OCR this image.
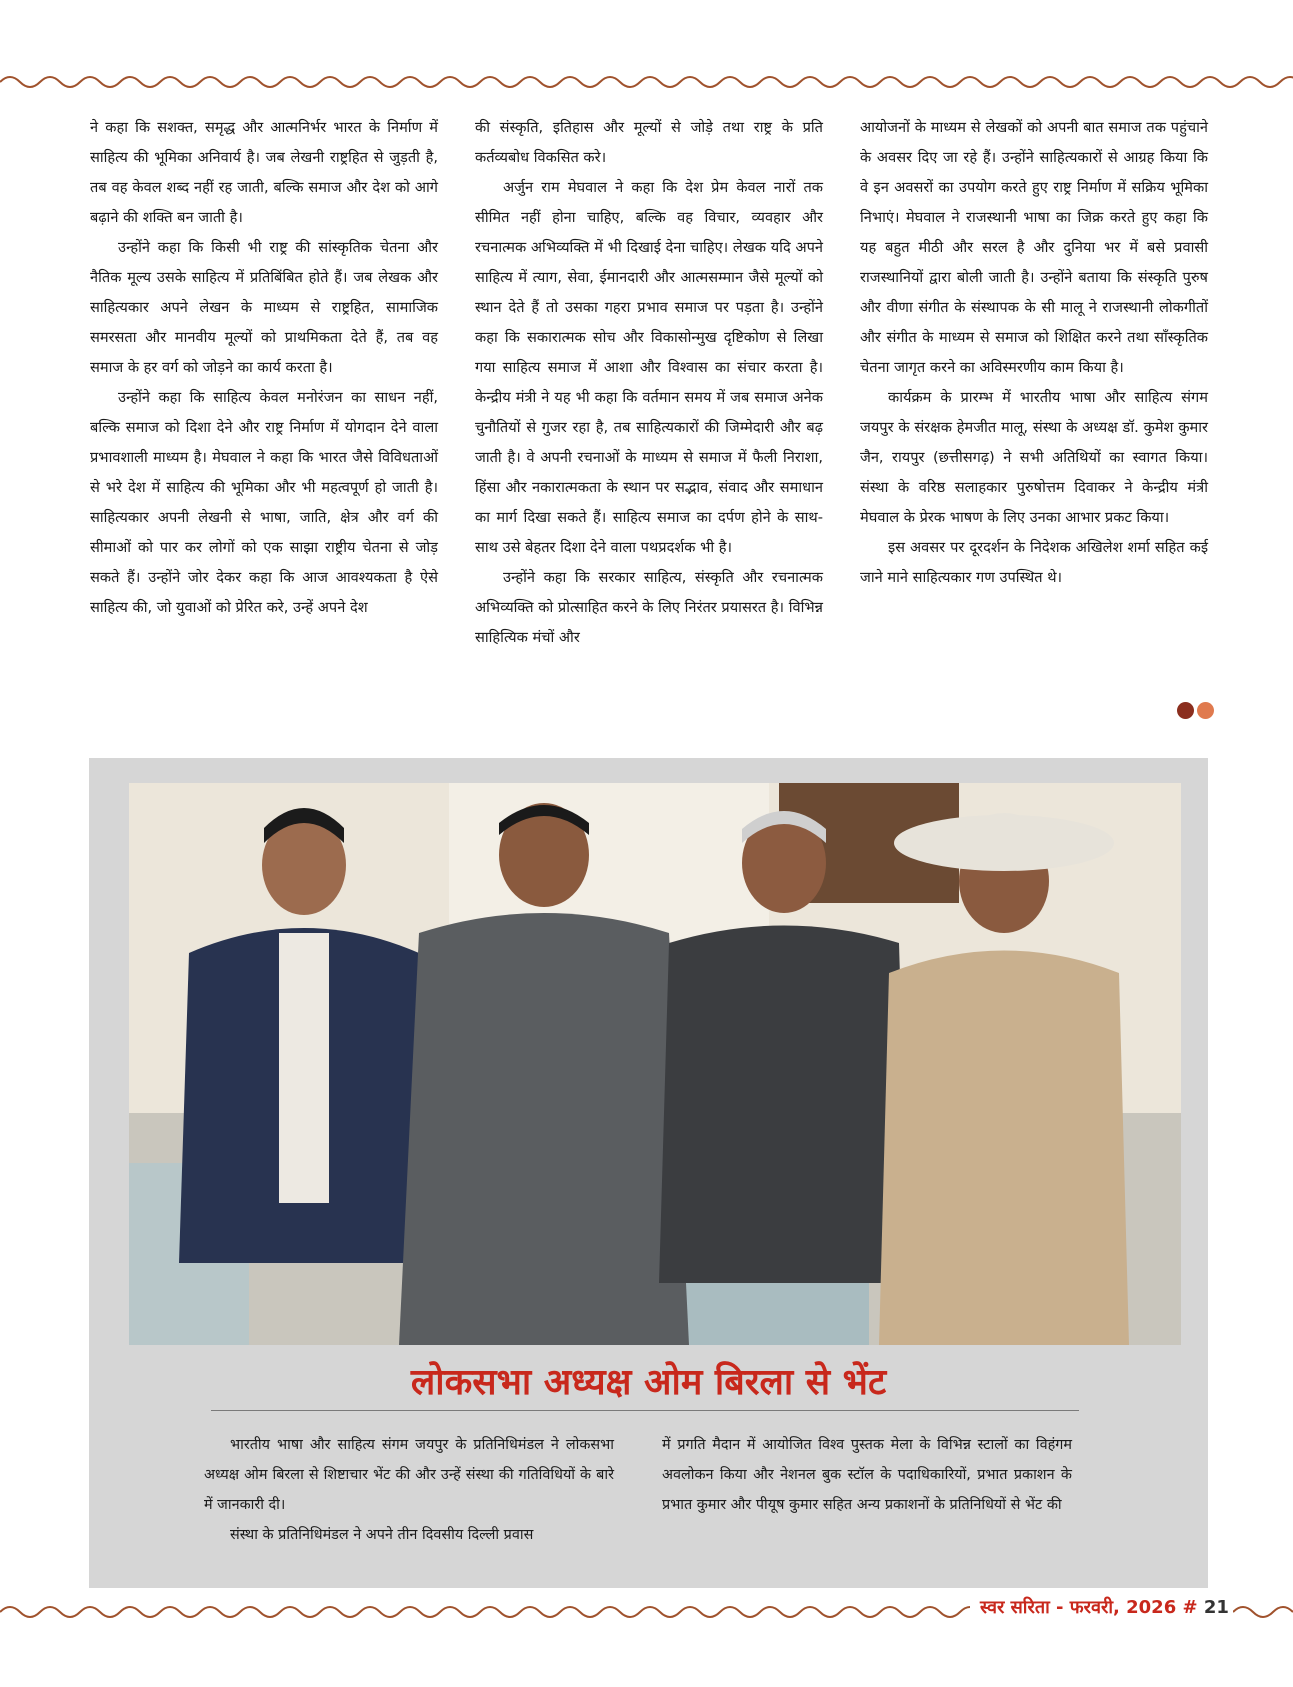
ने कहा कि सशक्त, समृद्ध और आत्मनिर्भर भारत के निर्माण में साहित्य की भूमिका अनिवार्य है। जब लेखनी राष्ट्रहित से जुड़ती है, तब वह केवल शब्द नहीं रह जाती, बल्कि समाज और देश को आगे बढ़ाने की शक्ति बन जाती है।

उन्होंने कहा कि किसी भी राष्ट्र की सांस्कृतिक चेतना और नैतिक मूल्य उसके साहित्य में प्रतिबिंबित होते हैं। जब लेखक और साहित्यकार अपने लेखन के माध्यम से राष्ट्रहित, सामाजिक समरसता और मानवीय मूल्यों को प्राथमिकता देते हैं, तब वह समाज के हर वर्ग को जोड़ने का कार्य करता है।

उन्होंने कहा कि साहित्य केवल मनोरंजन का साधन नहीं, बल्कि समाज को दिशा देने और राष्ट्र निर्माण में योगदान देने वाला प्रभावशाली माध्यम है। मेघवाल ने कहा कि भारत जैसे विविधताओं से भरे देश में साहित्य की भूमिका और भी महत्वपूर्ण हो जाती है। साहित्यकार अपनी लेखनी से भाषा, जाति, क्षेत्र और वर्ग की सीमाओं को पार कर लोगों को एक साझा राष्ट्रीय चेतना से जोड़ सकते हैं। उन्होंने जोर देकर कहा कि आज आवश्यकता है ऐसे साहित्य की, जो युवाओं को प्रेरित करे, उन्हें अपने देश

की संस्कृति, इतिहास और मूल्यों से जोड़े तथा राष्ट्र के प्रति कर्तव्यबोध विकसित करे।

अर्जुन राम मेघवाल ने कहा कि देश प्रेम केवल नारों तक सीमित नहीं होना चाहिए, बल्कि वह विचार, व्यवहार और रचनात्मक अभिव्यक्ति में भी दिखाई देना चाहिए। लेखक यदि अपने साहित्य में त्याग, सेवा, ईमानदारी और आत्मसम्मान जैसे मूल्यों को स्थान देते हैं तो उसका गहरा प्रभाव समाज पर पड़ता है। उन्होंने कहा कि सकारात्मक सोच और विकासोन्मुख दृष्टिकोण से लिखा गया साहित्य समाज में आशा और विश्वास का संचार करता है। केन्द्रीय मंत्री ने यह भी कहा कि वर्तमान समय में जब समाज अनेक चुनौतियों से गुजर रहा है, तब साहित्यकारों की जिम्मेदारी और बढ़ जाती है। वे अपनी रचनाओं के माध्यम से समाज में फैली निराशा, हिंसा और नकारात्मकता के स्थान पर सद्भाव, संवाद और समाधान का मार्ग दिखा सकते हैं। साहित्य समाज का दर्पण होने के साथ-साथ उसे बेहतर दिशा देने वाला पथप्रदर्शक भी है।

उन्होंने कहा कि सरकार साहित्य, संस्कृति और रचनात्मक अभिव्यक्ति को प्रोत्साहित करने के लिए निरंतर प्रयासरत है। विभिन्न साहित्यिक मंचों और

आयोजनों के माध्यम से लेखकों को अपनी बात समाज तक पहुंचाने के अवसर दिए जा रहे हैं। उन्होंने साहित्यकारों से आग्रह किया कि वे इन अवसरों का उपयोग करते हुए राष्ट्र निर्माण में सक्रिय भूमिका निभाएं। मेघवाल ने राजस्थानी भाषा का जिक्र करते हुए कहा कि यह बहुत मीठी और सरल है और दुनिया भर में बसे प्रवासी राजस्थानियों द्वारा बोली जाती है। उन्होंने बताया कि संस्कृति पुरुष और वीणा संगीत के संस्थापक के सी मालू ने राजस्थानी लोकगीतों और संगीत के माध्यम से समाज को शिक्षित करने तथा साँस्कृतिक चेतना जागृत करने का अविस्मरणीय काम किया है।

कार्यक्रम के प्रारम्भ में भारतीय भाषा और साहित्य संगम जयपुर के संरक्षक हेमजीत मालू, संस्था के अध्यक्ष डॉ. कुमेश कुमार जैन, रायपुर (छत्तीसगढ़) ने सभी अतिथियों का स्वागत किया। संस्था के वरिष्ठ सलाहकार पुरुषोत्तम दिवाकर ने केन्द्रीय मंत्री मेघवाल के प्रेरक भाषण के लिए उनका आभार प्रकट किया।

इस अवसर पर दूरदर्शन के निदेशक अखिलेश शर्मा सहित कई जाने माने साहित्यकार गण उपस्थित थे।

लोकसभा अध्यक्ष ओम बिरला से भेंट

भारतीय भाषा और साहित्य संगम जयपुर के प्रतिनिधिमंडल ने लोकसभा अध्यक्ष ओम बिरला से शिष्टाचार भेंट की और उन्हें संस्था की गतिविधियों के बारे में जानकारी दी।

संस्था के प्रतिनिधिमंडल ने अपने तीन दिवसीय दिल्ली प्रवास

में प्रगति मैदान में आयोजित विश्व पुस्तक मेला के विभिन्न स्टालों का विहंगम अवलोकन किया और नेशनल बुक स्टॉल के पदाधिकारियों, प्रभात प्रकाशन के प्रभात कुमार और पीयूष कुमार सहित अन्य प्रकाशनों के प्रतिनिधियों से भेंट की

स्वर सरिता - फरवरी, 2026 # 21
